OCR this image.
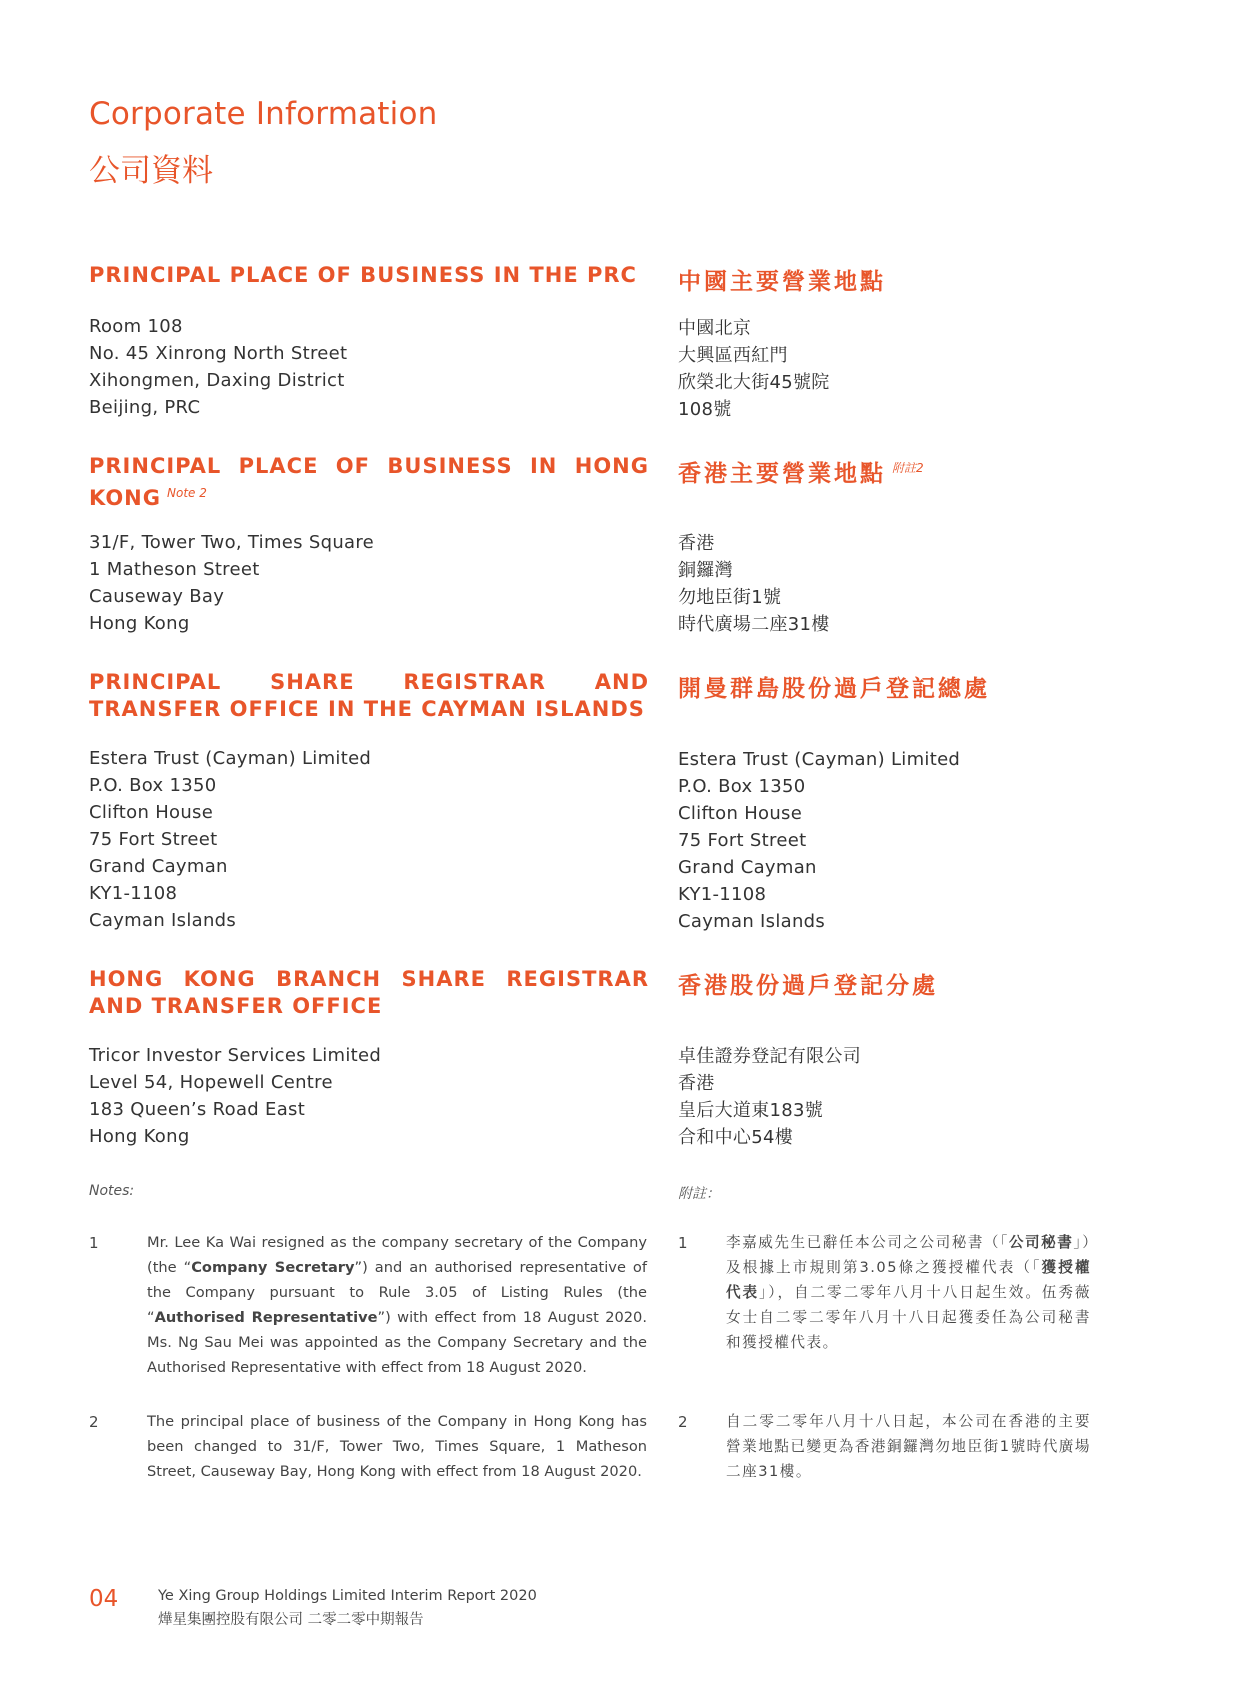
Corporate Information
公司資料
PRINCIPAL PLACE OF BUSINESS IN THE PRC	中國主要營業地點
Room 108
No. 45 Xinrong North Street
Xihongmen, Daxing District
Beijing, PRC
中國北京
大興區西紅門
欣榮北大街45號院
108號
PRINCIPAL PLACE OF BUSINESS IN HONG
KONG $^{Note 2}$
香港主要營業地點 $^{附註2}$
31/F, Tower Two, Times Square
1 Matheson Street
Causeway Bay
Hong Kong
香港
銅鑼灣
勿地臣街1號
時代廣場二座31樓
PRINCIPAL SHARE REGISTRAR AND
TRANSFER OFFICE IN THE CAYMAN ISLANDS
開曼群島股份過戶登記總處
Estera Trust (Cayman) Limited
P.O. Box 1350
Clifton House
75 Fort Street
Grand Cayman
KY1-1108
Cayman Islands
Estera Trust (Cayman) Limited
P.O. Box 1350
Clifton House
75 Fort Street
Grand Cayman
KY1-1108
Cayman Islands
HONG KONG BRANCH SHARE REGISTRAR
AND TRANSFER OFFICE
香港股份過戶登記分處
Tricor Investor Services Limited
Level 54, Hopewell Centre
183 Queen’s Road East
Hong Kong
卓佳證券登記有限公司
香港
皇后大道東183號
合和中心54樓
Notes:	附註：
1	Mr. Lee Ka Wai resigned as the company secretary of the Company (the “Company Secretary”) and an authorised representative of the Company pursuant to Rule 3.05 of Listing Rules (the “Authorised Representative”) with effect from 18 August 2020. Ms. Ng Sau Mei was appointed as the Company Secretary and the Authorised Representative with effect from 18 August 2020.
1	李嘉威先生已辭任本公司之公司秘書（「公司秘書」）及根據上市規則第3.05條之獲授權代表（「獲授權代表」），自二零二零年八月十八日起生效。伍秀薇女士自二零二零年八月十八日起獲委任為公司秘書和獲授權代表。
2	The principal place of business of the Company in Hong Kong has been changed to 31/F, Tower Two, Times Square, 1 Matheson Street, Causeway Bay, Hong Kong with effect from 18 August 2020.
2	自二零二零年八月十八日起，本公司在香港的主要營業地點已變更為香港銅鑼灣勿地臣街1號時代廣場二座31樓。
04	Ye Xing Group Holdings Limited Interim Report 2020
燁星集團控股有限公司 二零二零中期報告
